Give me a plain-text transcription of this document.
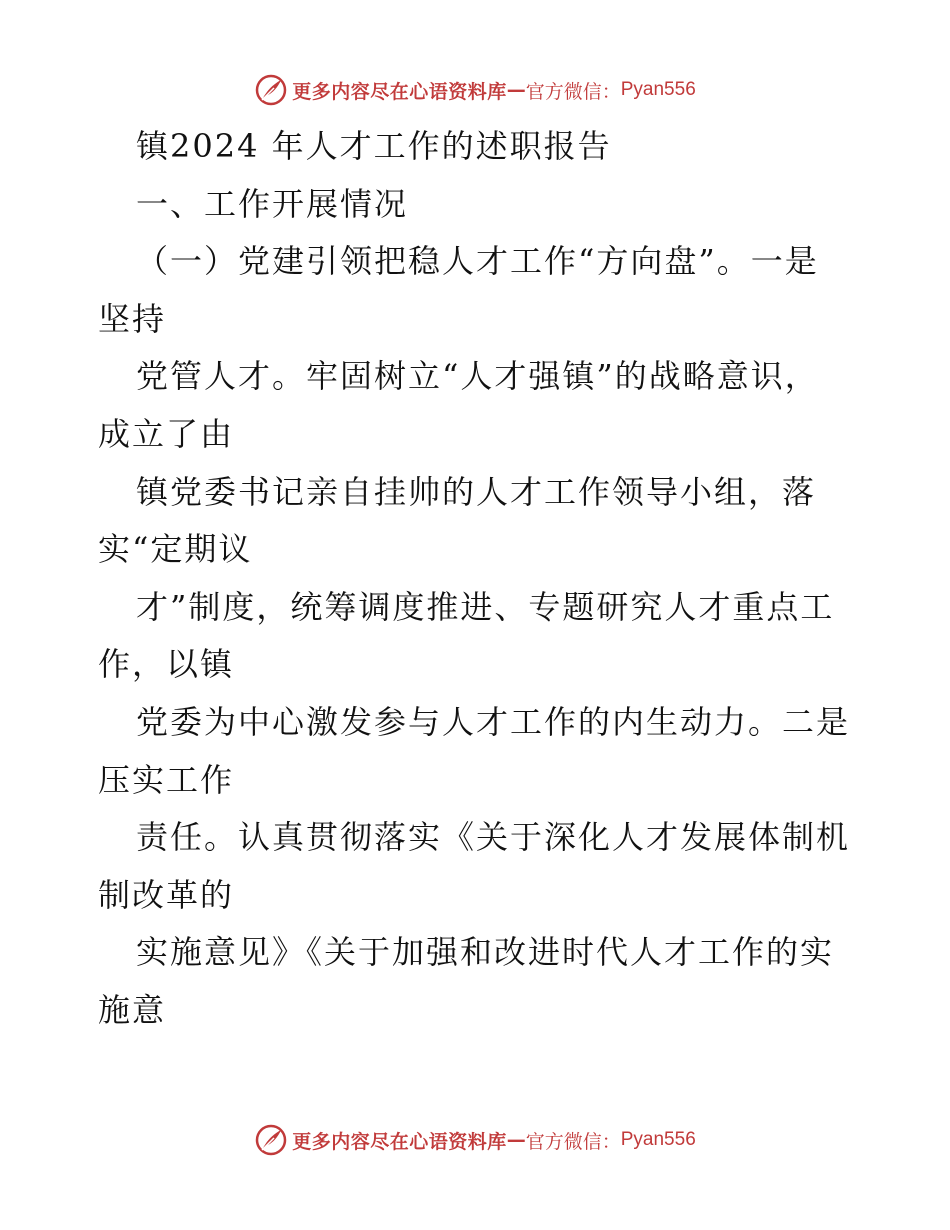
更多内容尽在心语资料库 — 官方微信： Pyan556
镇2024 年人才工作的述职报告
一、工作开展情况
（一）党建引领把稳人才工作“方向盘”。一是
坚持
党管人才。牢固树立“人才强镇”的战略意识，
成立了由
镇党委书记亲自挂帅的人才工作领导小组，落
实“定期议
才”制度，统筹调度推进、专题研究人才重点工
作，以镇
党委为中心激发参与人才工作的内生动力。二是
压实工作
责任。认真贯彻落实《关于深化人才发展体制机
制改革的
实施意见》《关于加强和改进时代人才工作的实
施意
更多内容尽在心语资料库 — 官方微信： Pyan556
